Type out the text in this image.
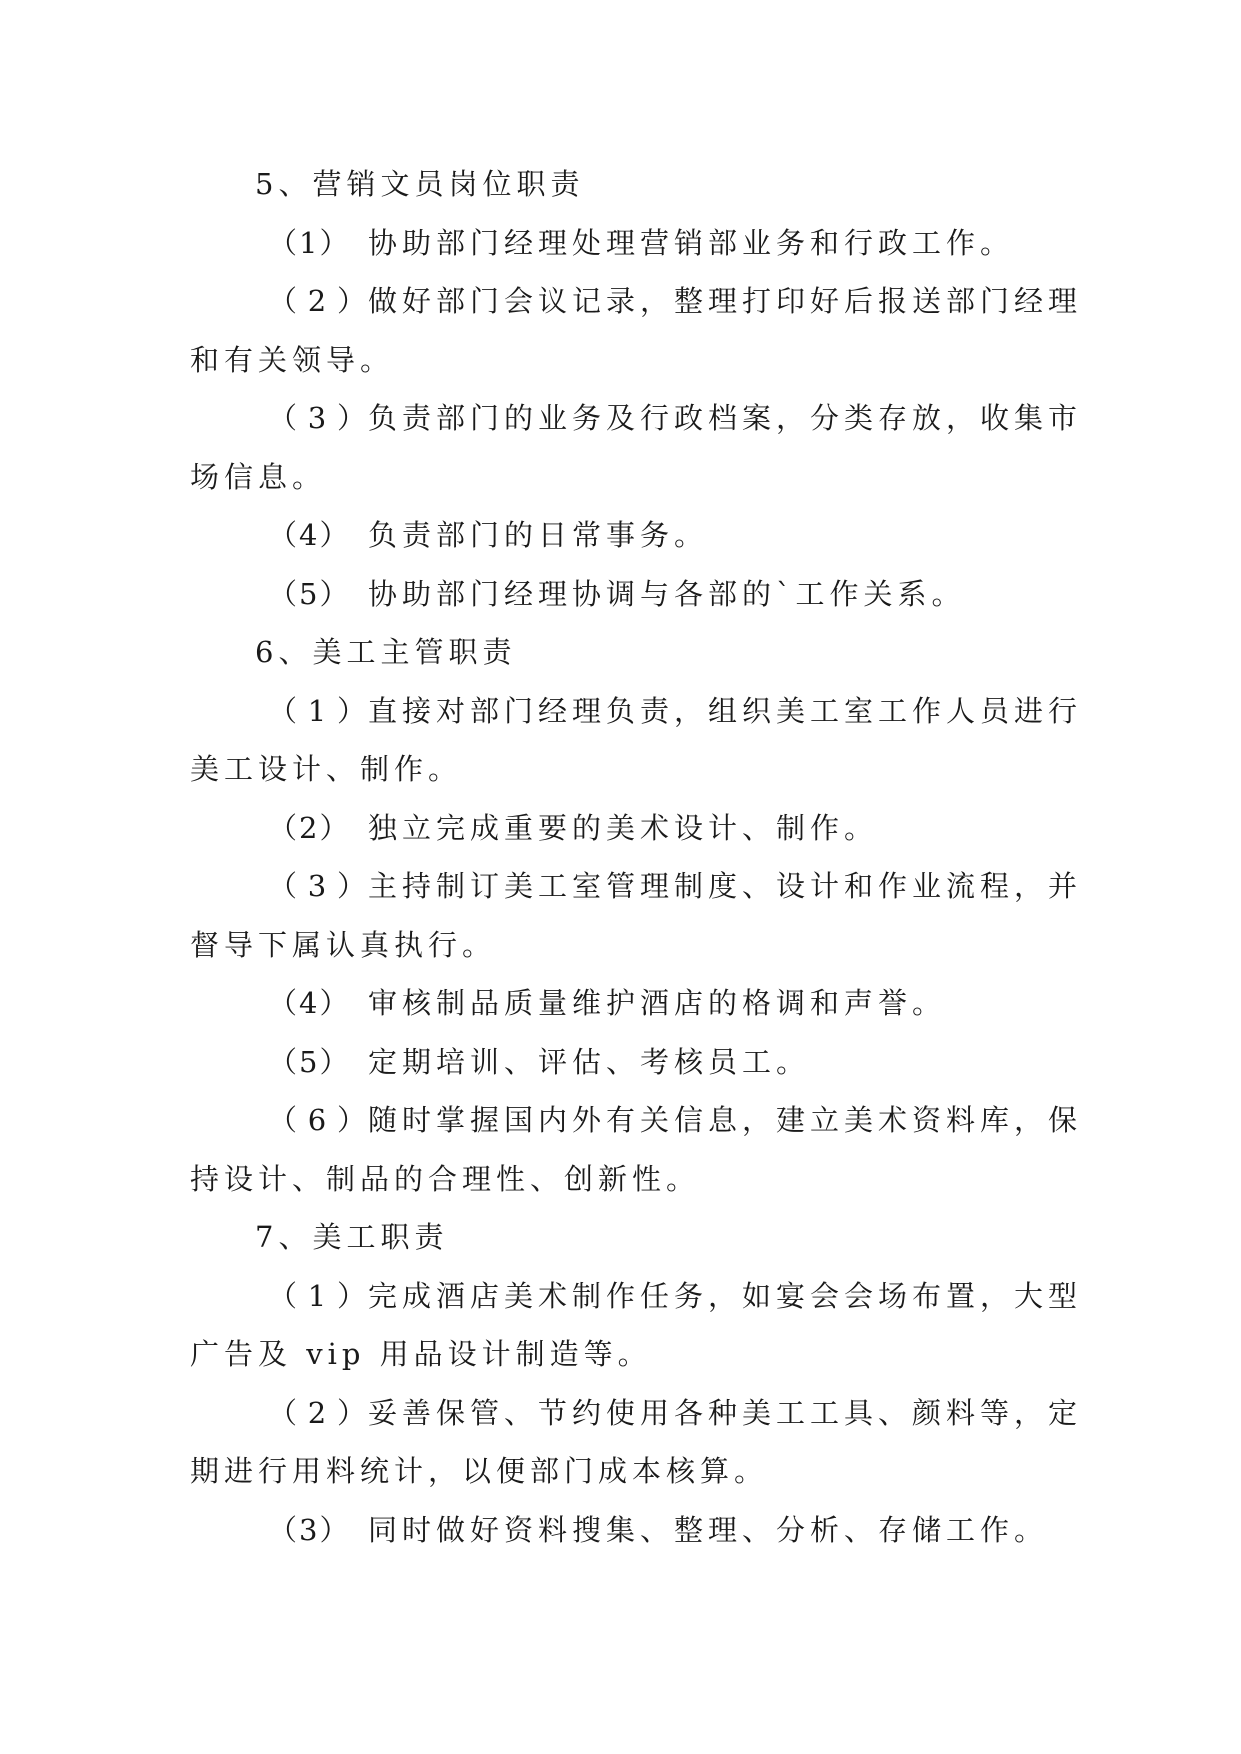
5、营销文员岗位职责
（1） 协助部门经理处理营销部业务和行政工作。
（2）做好部门会议记录，整理打印好后报送部门经理
和有关领导。
（3）负责部门的业务及行政档案，分类存放，收集市
场信息。
（4） 负责部门的日常事务。
（5） 协助部门经理协调与各部的`工作关系。
6、美工主管职责
（1）直接对部门经理负责，组织美工室工作人员进行
美工设计、制作。
（2） 独立完成重要的美术设计、制作。
（3）主持制订美工室管理制度、设计和作业流程，并
督导下属认真执行。
（4） 审核制品质量维护酒店的格调和声誉。
（5） 定期培训、评估、考核员工。
（6）随时掌握国内外有关信息，建立美术资料库，保
持设计、制品的合理性、创新性。
7、美工职责
（1）完成酒店美术制作任务，如宴会会场布置，大型
广告及 vip 用品设计制造等。
（2）妥善保管、节约使用各种美工工具、颜料等，定
期进行用料统计，以便部门成本核算。
（3） 同时做好资料搜集、整理、分析、存储工作。
